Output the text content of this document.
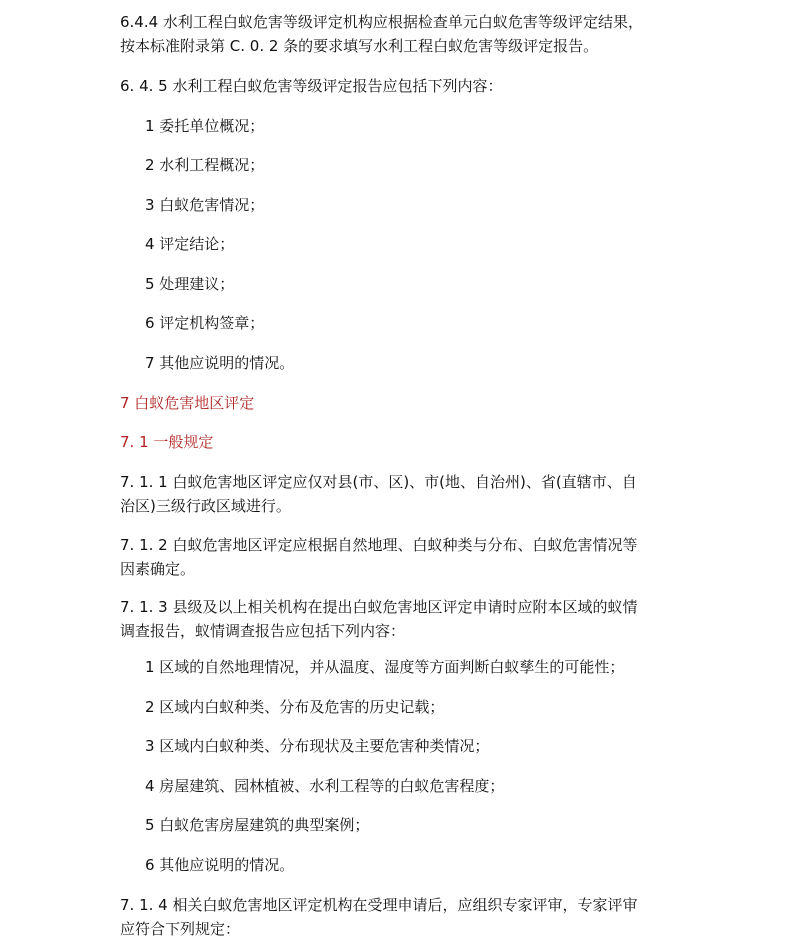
6.4.4 水利工程白蚁危害等级评定机构应根据检查单元白蚁危害等级评定结果，
按本标准附录第 C. 0. 2 条的要求填写水利工程白蚁危害等级评定报告。
6. 4. 5 水利工程白蚁危害等级评定报告应包括下列内容：
1 委托单位概况；
2 水利工程概况；
3 白蚁危害情况；
4 评定结论；
5 处理建议；
6 评定机构签章；
7 其他应说明的情况。
7 白蚁危害地区评定
7. 1 一般规定
7. 1. 1 白蚁危害地区评定应仅对县(市、区)、市(地、自治州)、省(直辖市、自
治区)三级行政区域进行。
7. 1. 2 白蚁危害地区评定应根据自然地理、白蚁种类与分布、白蚁危害情况等
因素确定。
7. 1. 3 县级及以上相关机构在提出白蚁危害地区评定申请时应附本区域的蚁情
调查报告，蚁情调查报告应包括下列内容：
1 区域的自然地理情况，并从温度、湿度等方面判断白蚁孳生的可能性；
2 区域内白蚁种类、分布及危害的历史记载；
3 区域内白蚁种类、分布现状及主要危害种类情况；
4 房屋建筑、园林植被、水利工程等的白蚁危害程度；
5 白蚁危害房屋建筑的典型案例；
6 其他应说明的情况。
7. 1. 4 相关白蚁危害地区评定机构在受理申请后，应组织专家评审，专家评审
应符合下列规定：
